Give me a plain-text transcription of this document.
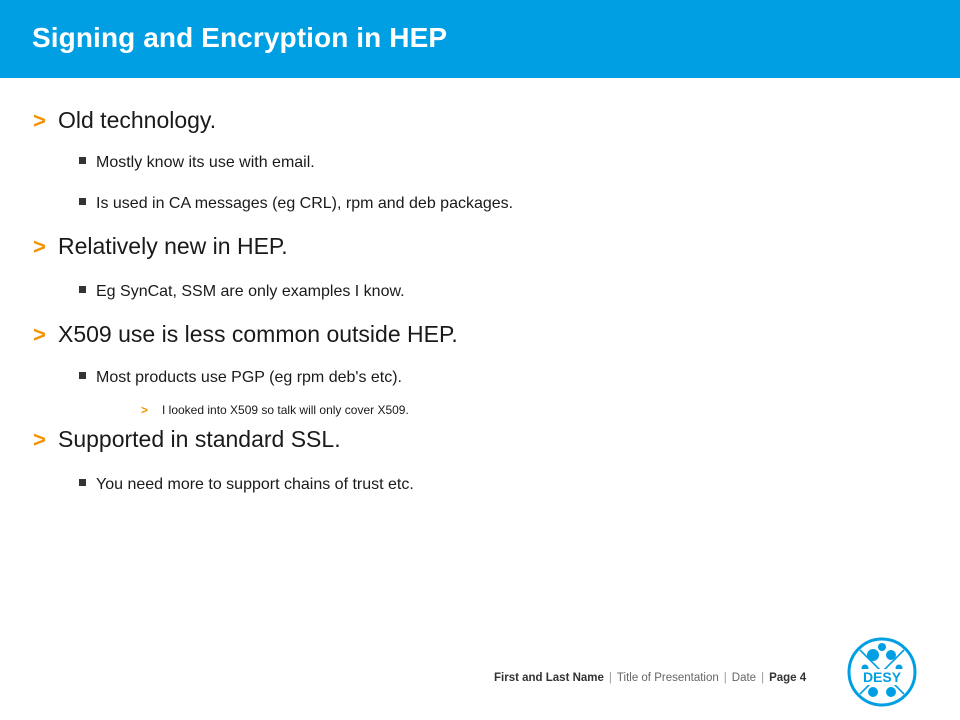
Signing and Encryption in HEP
> Old technology.
Mostly know its use with email.
Is used in CA messages (eg CRL), rpm and deb packages.
> Relatively new in HEP.
Eg SynCat, SSM are only examples I know.
> X509 use is less common outside HEP.
Most products use PGP (eg rpm deb's etc).
> I looked into X509 so talk will only cover X509.
> Supported in standard SSL.
You need more to support chains of trust etc.
First and Last Name | Title of Presentation | Date | Page 4	DESY
